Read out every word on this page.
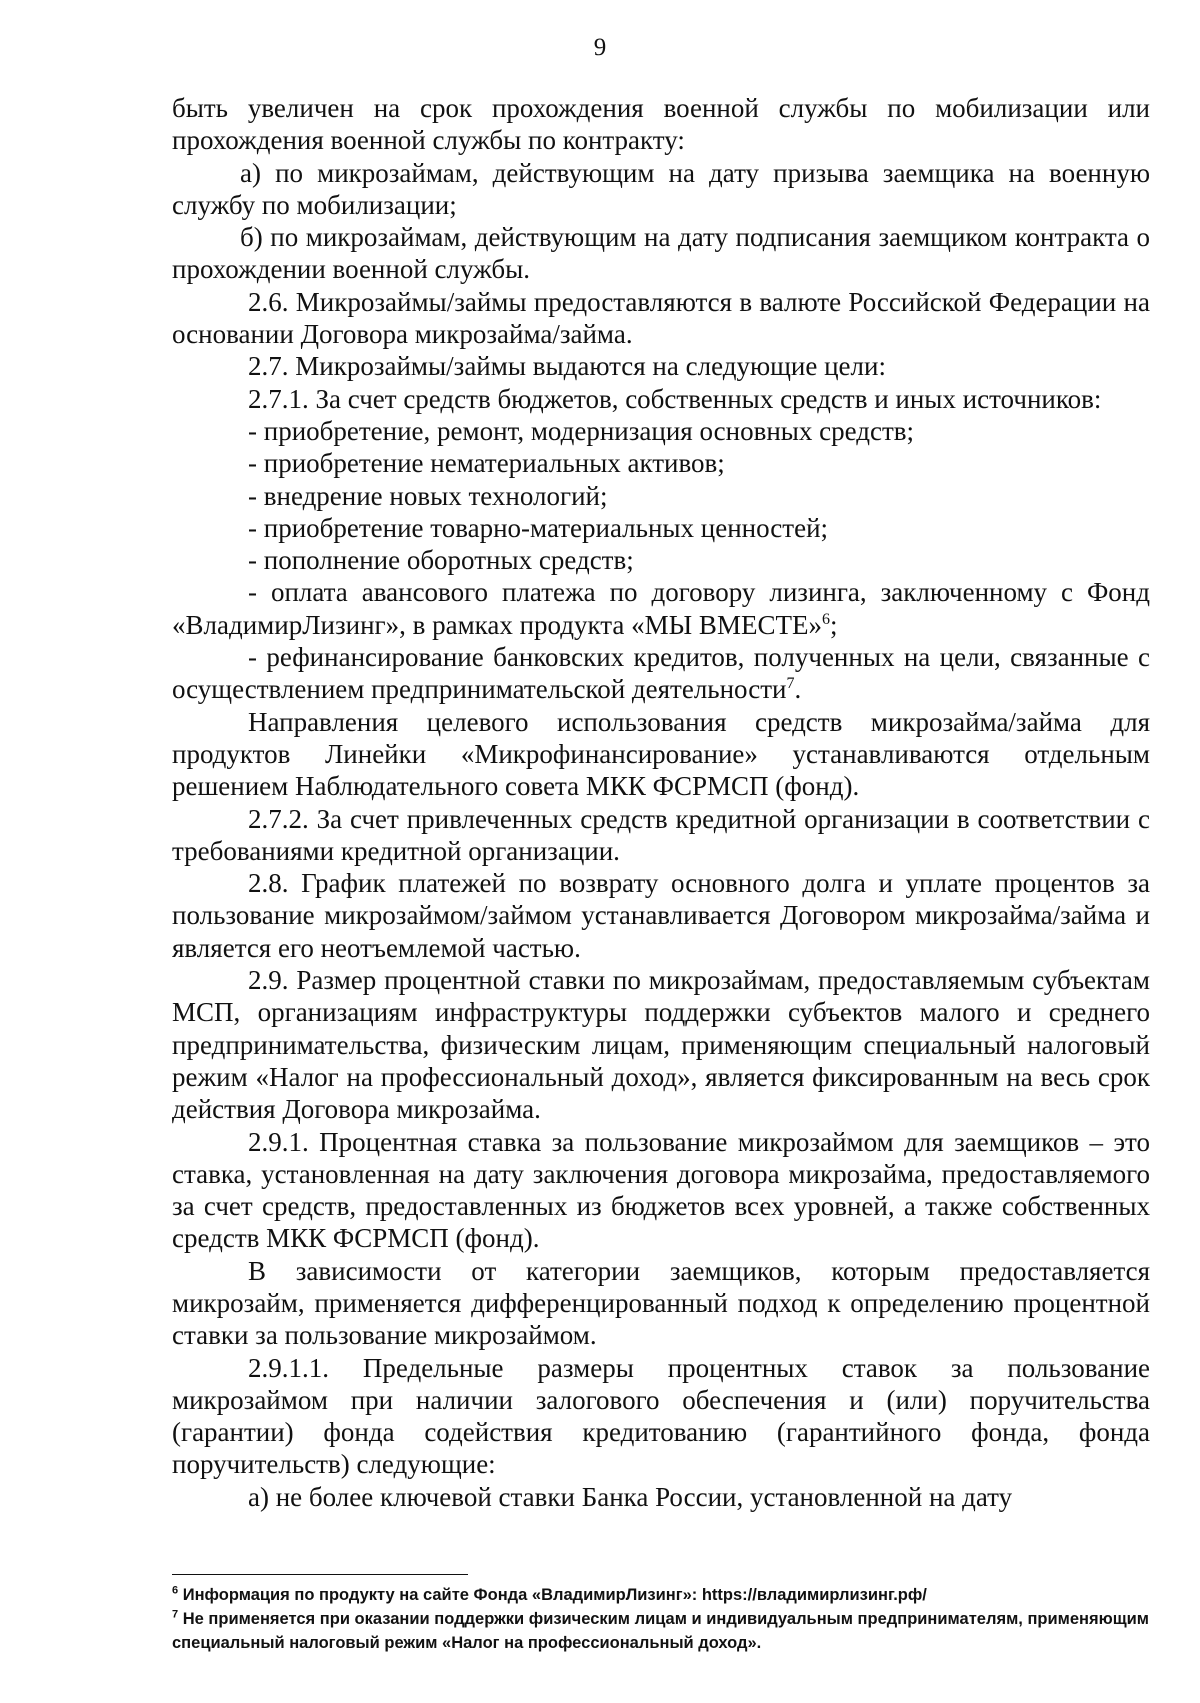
9

быть увеличен на срок прохождения военной службы по мобилизации или прохождения военной службы по контракту:

а) по микрозаймам, действующим на дату призыва заемщика на военную службу по мобилизации;

б) по микрозаймам, действующим на дату подписания заемщиком контракта о прохождении военной службы.

2.6. Микрозаймы/займы предоставляются в валюте Российской Федерации на основании Договора микрозайма/займа.

2.7. Микрозаймы/займы выдаются на следующие цели:

2.7.1. За счет средств бюджетов, собственных средств и иных источников:

- приобретение, ремонт, модернизация основных средств;

- приобретение нематериальных активов;

- внедрение новых технологий;

- приобретение товарно-материальных ценностей;

- пополнение оборотных средств;

- оплата авансового платежа по договору лизинга, заключенному с Фонд «ВладимирЛизинг», в рамках продукта «МЫ ВМЕСТЕ»$^6$;

- рефинансирование банковских кредитов, полученных на цели, связанные с осуществлением предпринимательской деятельности$^7$.

Направления целевого использования средств микрозайма/займа для продуктов Линейки «Микрофинансирование» устанавливаются отдельным решением Наблюдательного совета МКК ФСРМСП (фонд).

2.7.2. За счет привлеченных средств кредитной организации в соответствии с требованиями кредитной организации.

2.8. График платежей по возврату основного долга и уплате процентов за пользование микрозаймом/займом устанавливается Договором микрозайма/займа и является его неотъемлемой частью.

2.9. Размер процентной ставки по микрозаймам, предоставляемым субъектам МСП, организациям инфраструктуры поддержки субъектов малого и среднего предпринимательства, физическим лицам, применяющим специальный налоговый режим «Налог на профессиональный доход», является фиксированным на весь срок действия Договора микрозайма.

2.9.1. Процентная ставка за пользование микрозаймом для заемщиков – это ставка, установленная на дату заключения договора микрозайма, предоставляемого за счет средств, предоставленных из бюджетов всех уровней, а также собственных средств МКК ФСРМСП (фонд).

В зависимости от категории заемщиков, которым предоставляется микрозайм, применяется дифференцированный подход к определению процентной ставки за пользование микрозаймом.

2.9.1.1. Предельные размеры процентных ставок за пользование микрозаймом при наличии залогового обеспечения и (или) поручительства (гарантии) фонда содействия кредитованию (гарантийного фонда, фонда поручительств) следующие:

а) не более ключевой ставки Банка России, установленной на дату

$^6$ Информация по продукту на сайте Фонда «ВладимирЛизинг»: https://владимирлизинг.рф/

$^7$ Не применяется при оказании поддержки физическим лицам и индивидуальным предпринимателям, применяющим специальный налоговый режим «Налог на профессиональный доход».
